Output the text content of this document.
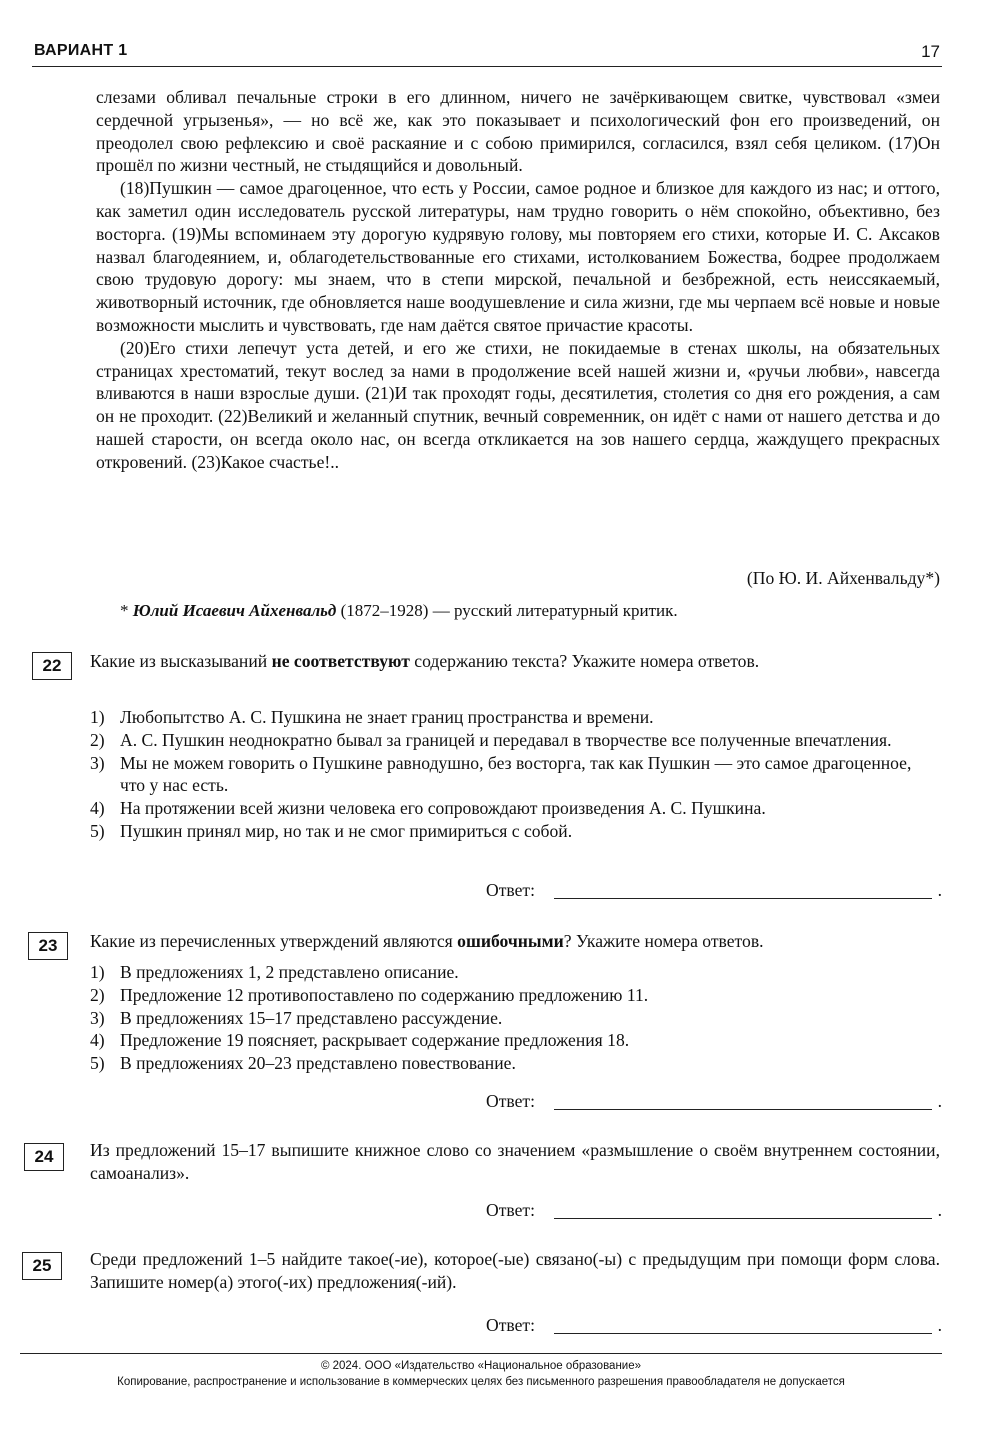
ВАРИАНТ 1	17

слезами обливал печальные строки в его длинном, ничего не зачёркивающем свитке, чувствовал «змеи сердечной угрызенья», — но всё же, как это показывает и психологический фон его произведений, он преодолел свою рефлексию и своё раскаяние и с собою примирился, согласился, взял себя целиком. (17)Он прошёл по жизни честный, не стыдящийся и довольный.

(18)Пушкин — самое драгоценное, что есть у России, самое родное и близкое для каждого из нас; и оттого, как заметил один исследователь русской литературы, нам трудно говорить о нём спокойно, объективно, без восторга. (19)Мы вспоминаем эту дорогую кудрявую голову, мы повторяем его стихи, которые И. С. Аксаков назвал благодеянием, и, облагодетельствованные его стихами, истолкованием Божества, бодрее продолжаем свою трудовую дорогу: мы знаем, что в степи мирской, печальной и безбрежной, есть неиссякаемый, животворный источник, где обновляется наше воодушевление и сила жизни, где мы черпаем всё новые и новые возможности мыслить и чувствовать, где нам даётся святое причастие красоты.

(20)Его стихи лепечут уста детей, и его же стихи, не покидаемые в стенах школы, на обязательных страницах хрестоматий, текут вослед за нами в продолжение всей нашей жизни и, «ручьи любви», навсегда вливаются в наши взрослые души. (21)И так проходят годы, десятилетия, столетия со дня его рождения, а сам он не проходит. (22)Великий и желанный спутник, вечный современник, он идёт с нами от нашего детства и до нашей старости, он всегда около нас, он всегда откликается на зов нашего сердца, жаждущего прекрасных откровений. (23)Какое счастье!..

(По Ю. И. Айхенвальду*)
* Юлий Исаевич Айхенвальд (1872–1928) — русский литературный критик.
22	Какие из высказываний не соответствуют содержанию текста? Укажите номера ответов.
1) Любопытство А. С. Пушкина не знает границ пространства и времени.
2) А. С. Пушкин неоднократно бывал за границей и передавал в творчестве все полученные впечатления.
3) Мы не можем говорить о Пушкине равнодушно, без восторга, так как Пушкин — это самое драгоценное, что у нас есть.
4) На протяжении всей жизни человека его сопровождают произведения А. С. Пушкина.
5) Пушкин принял мир, но так и не смог примириться с собой.
Ответ:	.
23	Какие из перечисленных утверждений являются ошибочными? Укажите номера ответов.
1) В предложениях 1, 2 представлено описание.
2) Предложение 12 противопоставлено по содержанию предложению 11.
3) В предложениях 15–17 представлено рассуждение.
4) Предложение 19 поясняет, раскрывает содержание предложения 18.
5) В предложениях 20–23 представлено повествование.
Ответ:	.
24	Из предложений 15–17 выпишите книжное слово со значением «размышление о своём внутреннем состоянии, самоанализ».
Ответ:	.
25	Среди предложений 1–5 найдите такое(-ие), которое(-ые) связано(-ы) с предыдущим при помощи форм слова. Запишите номер(а) этого(-их) предложения(-ий).
Ответ:	.
© 2024. ООО «Издательство «Национальное образование»
Копирование, распространение и использование в коммерческих целях без письменного разрешения правообладателя не допускается
